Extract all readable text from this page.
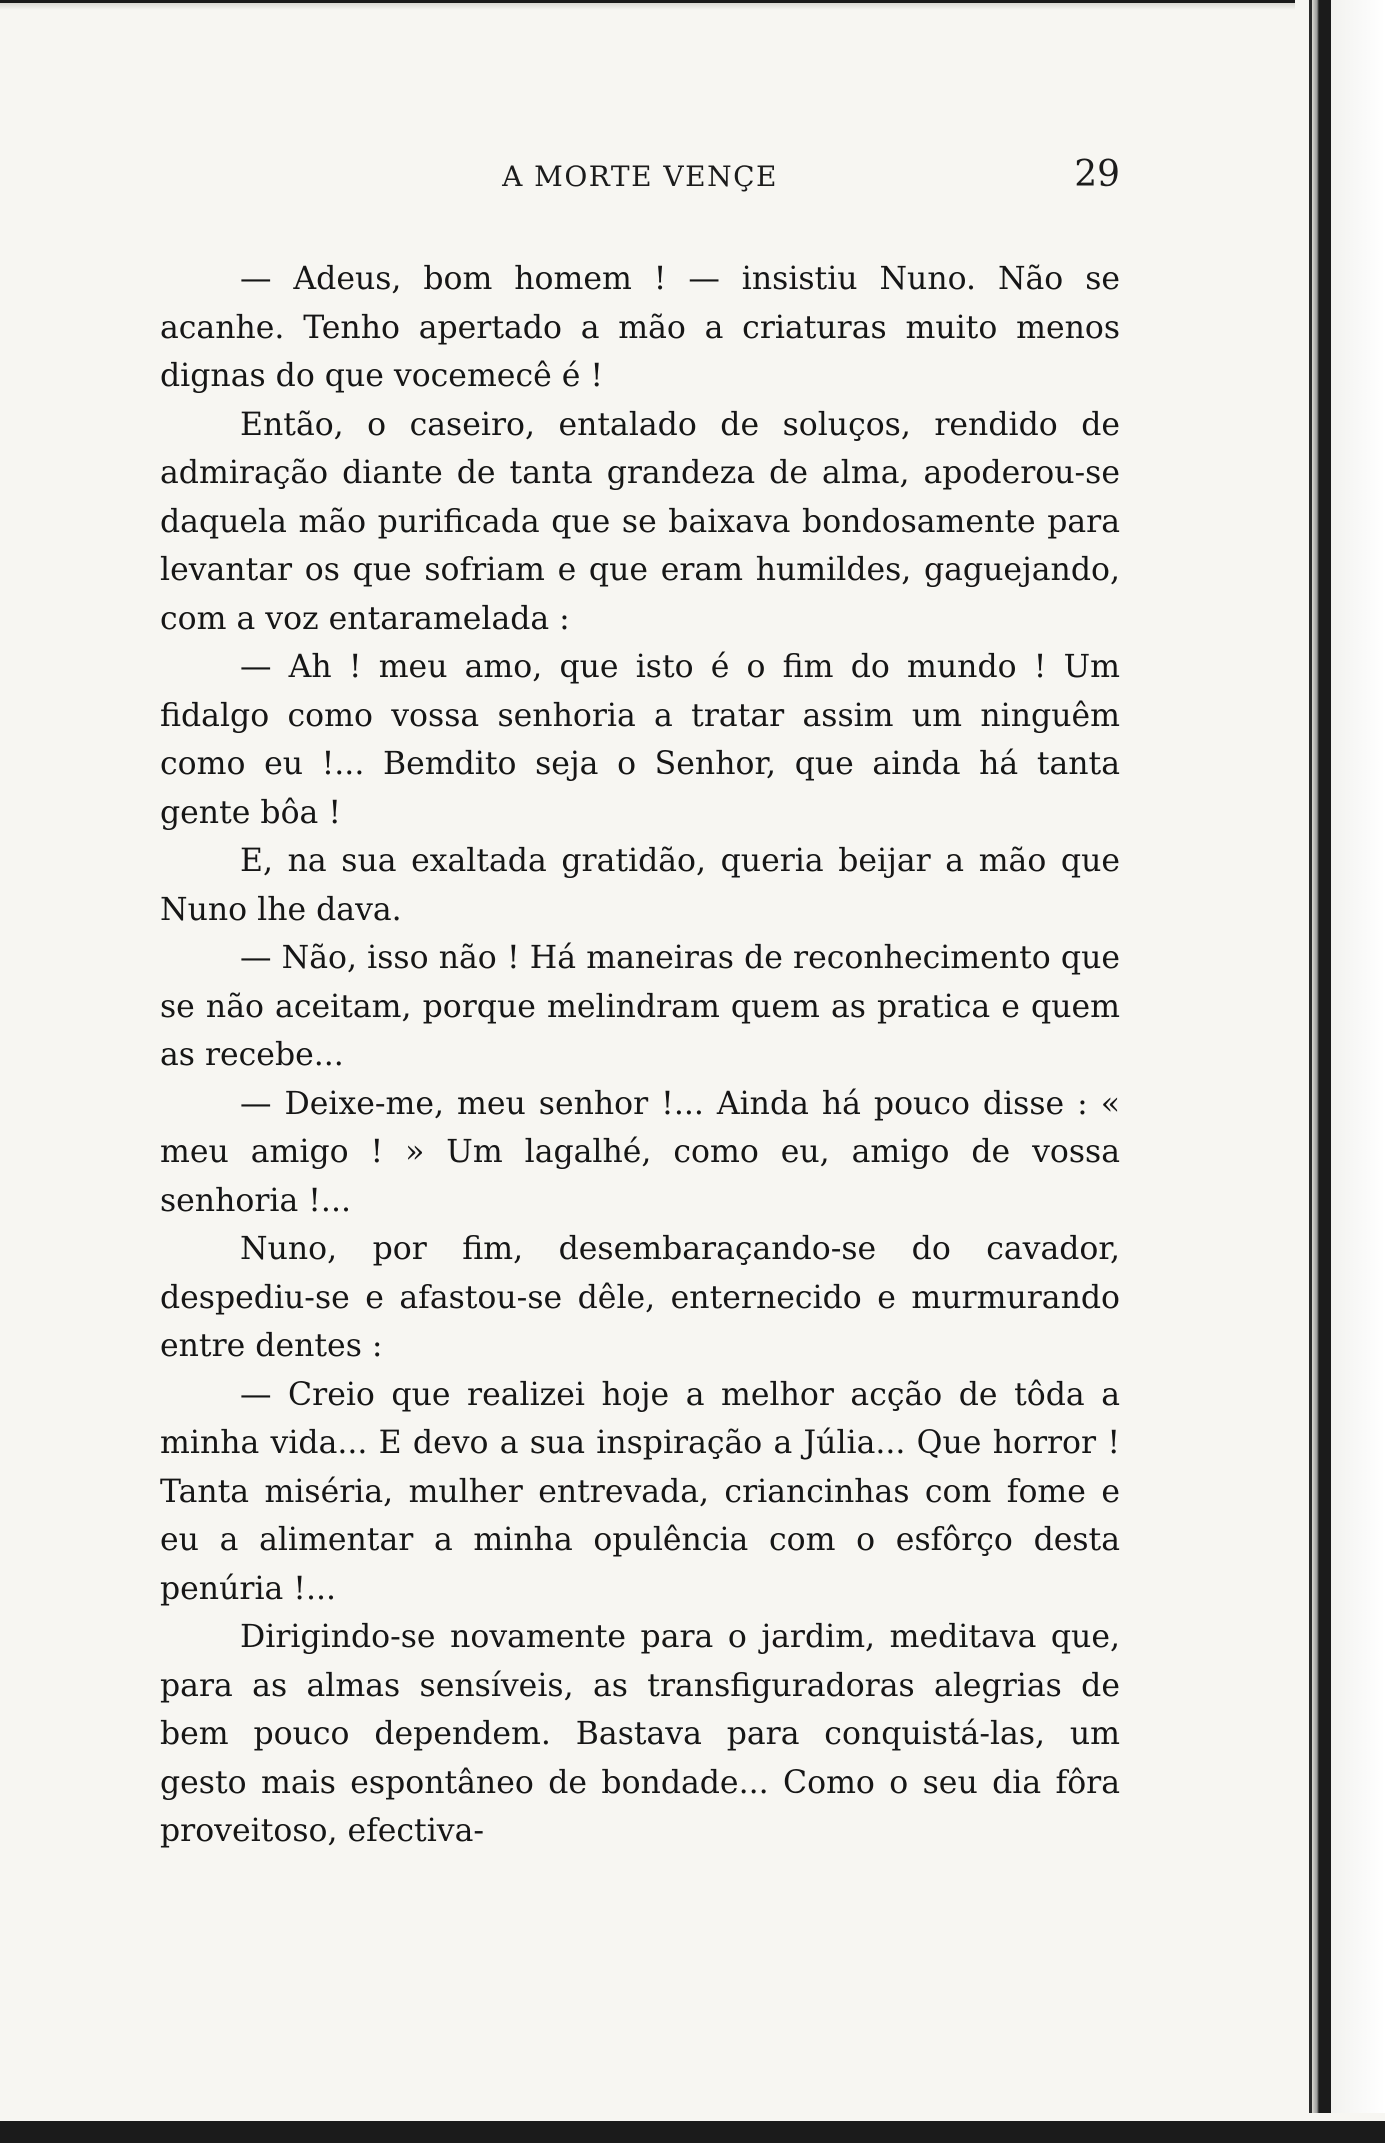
A MORTE VENÇE	29

— Adeus, bom homem ! — insistiu Nuno. Não se acanhe. Tenho apertado a mão a criaturas muito menos dignas do que vocemecê é !

Então, o caseiro, entalado de soluços, rendido de admiração diante de tanta grandeza de alma, apoderou-se daquela mão purificada que se baixava bondosamente para levantar os que sofriam e que eram humildes, gaguejando, com a voz entaramelada :

— Ah ! meu amo, que isto é o fim do mundo ! Um fidalgo como vossa senhoria a tratar assim um ninguêm como eu !... Bemdito seja o Senhor, que ainda há tanta gente bôa !

E, na sua exaltada gratidão, queria beijar a mão que Nuno lhe dava.

— Não, isso não ! Há maneiras de reconhecimento que se não aceitam, porque melindram quem as pratica e quem as recebe...

— Deixe-me, meu senhor !... Ainda há pouco disse : « meu amigo ! » Um lagalhé, como eu, amigo de vossa senhoria !...

Nuno, por fim, desembaraçando-se do cavador, despediu-se e afastou-se dêle, enternecido e murmurando entre dentes :

— Creio que realizei hoje a melhor acção de tôda a minha vida... E devo a sua inspiração a Júlia... Que horror ! Tanta miséria, mulher entrevada, criancinhas com fome e eu a alimentar a minha opulência com o esfôrço desta penúria !...

Dirigindo-se novamente para o jardim, meditava que, para as almas sensíveis, as transfiguradoras alegrias de bem pouco dependem. Bastava para conquistá-las, um gesto mais espontâneo de bondade... Como o seu dia fôra proveitoso, efectiva-
